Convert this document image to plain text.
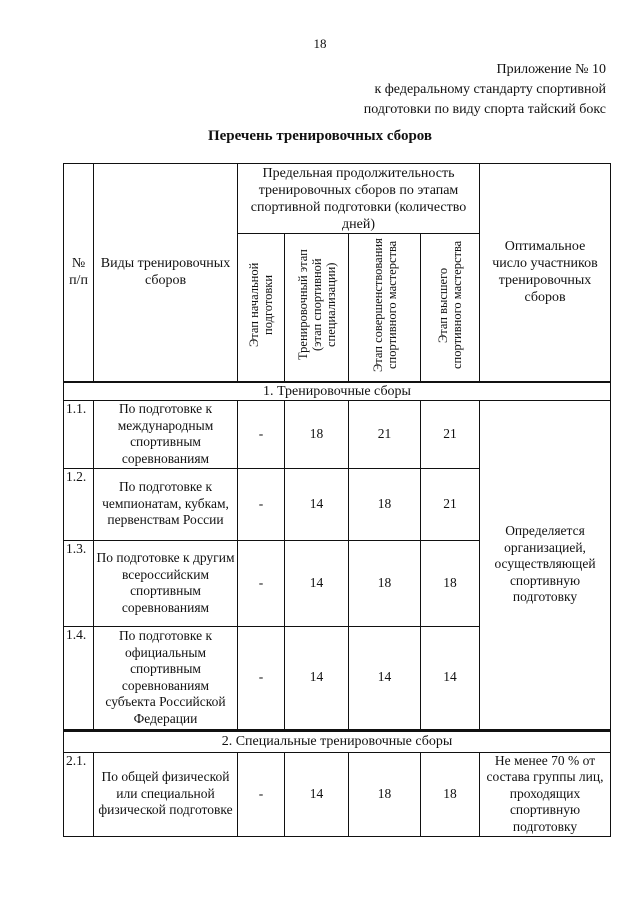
18
Приложение № 10
к федеральному стандарту спортивной
подготовки по виду спорта тайский бокс
Перечень тренировочных сборов
№ п/п	Виды тренировочных сборов	Предельная продолжительность тренировочных сборов по этапам спортивной подготовки (количество дней)				Оптимальное число участников тренировочных сборов
		Этап начальной подготовки	Тренировочный этап (этап спортивной специализации)	Этап совершенствования спортивного мастерства	Этап высшего спортивного мастерства	
1. Тренировочные сборы						
1.1.	По подготовке к международным спортивным соревнованиям	-	18	21	21	Определяется организацией, осуществляющей спортивную подготовку
1.2.	По подготовке к чемпионатам, кубкам, первенствам России	-	14	18	21	
1.3.	По подготовке к другим всероссийским спортивным соревнованиям	-	14	18	18	
1.4.	По подготовке к официальным спортивным соревнованиям субъекта Российской Федерации	-	14	14	14	
2. Специальные тренировочные сборы						
2.1.	По общей физической или специальной физической подготовке	-	14	18	18	Не менее 70 % от состава группы лиц, проходящих спортивную подготовку
